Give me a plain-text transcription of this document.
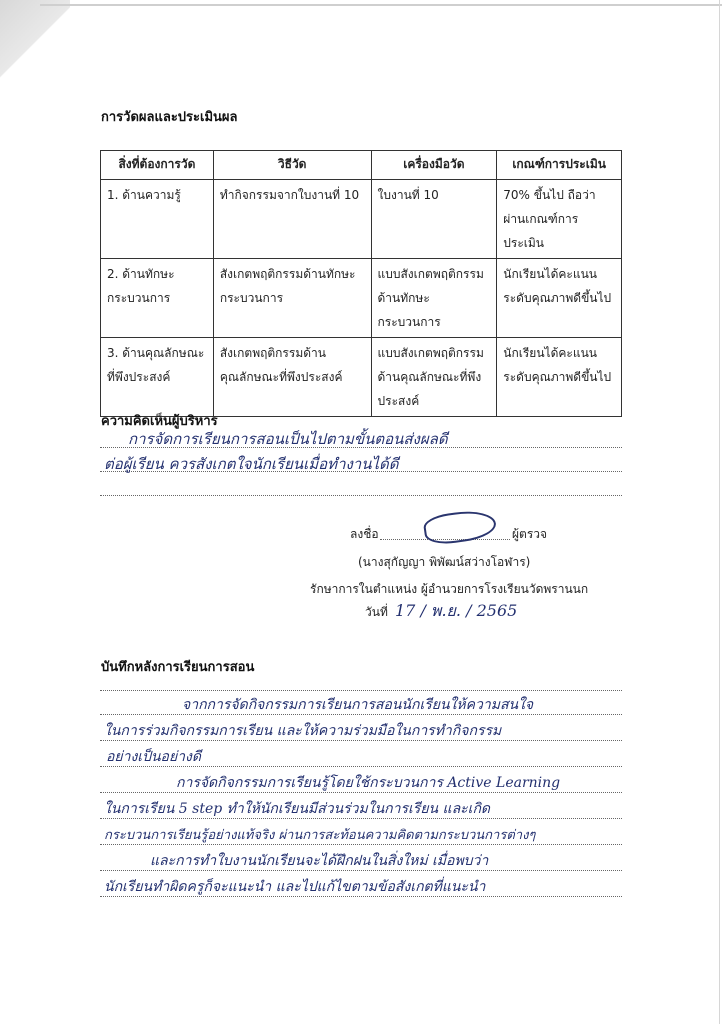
การวัดผลและประเมินผล
สิ่งที่ต้องการวัด	วิธีวัด	เครื่องมือวัด	เกณฑ์การประเมิน
1. ด้านความรู้	ทำกิจกรรมจากใบงานที่ 10	ใบงานที่ 10	70% ขึ้นไป ถือว่าผ่านเกณฑ์การประเมิน
2. ด้านทักษะกระบวนการ	สังเกตพฤติกรรมด้านทักษะกระบวนการ	แบบสังเกตพฤติกรรมด้านทักษะกระบวนการ	นักเรียนได้คะแนนระดับคุณภาพดีขึ้นไป
3. ด้านคุณลักษณะที่พึงประสงค์	สังเกตพฤติกรรมด้านคุณลักษณะที่พึงประสงค์	แบบสังเกตพฤติกรรมด้านคุณลักษณะที่พึงประสงค์	นักเรียนได้คะแนนระดับคุณภาพดีขึ้นไป
ความคิดเห็นผู้บริหาร
การจัดการเรียนการสอนเป็นไปตามขั้นตอนส่งผลดี
ต่อผู้เรียน ควรสังเกตใจนักเรียนเมื่อทำงานได้ดี
ลงชื่อ	ผู้ตรวจ
(นางสุกัญญา พิพัฒน์สว่างโอฬาร)
รักษาการในตำแหน่ง ผู้อำนวยการโรงเรียนวัดพรานนก
วันที่ 17 / พ.ย. / 2565
บันทึกหลังการเรียนการสอน
จากการจัดกิจกรรมการเรียนการสอนนักเรียนให้ความสนใจ
ในการร่วมกิจกรรมการเรียน และให้ความร่วมมือในการทำกิจกรรม
อย่างเป็นอย่างดี
การจัดกิจกรรมการเรียนรู้โดยใช้กระบวนการ Active Learning
ในการเรียน 5 step ทำให้นักเรียนมีส่วนร่วมในการเรียน และเกิด
กระบวนการเรียนรู้อย่างแท้จริง ผ่านการสะท้อนความคิดตามกระบวนการต่างๆ
และการทำใบงานนักเรียนจะได้ฝึกฝนในสิ่งใหม่ เมื่อพบว่า
นักเรียนทำผิดครูก็จะแนะนำ และไปแก้ไขตามข้อสังเกตที่แนะนำ
